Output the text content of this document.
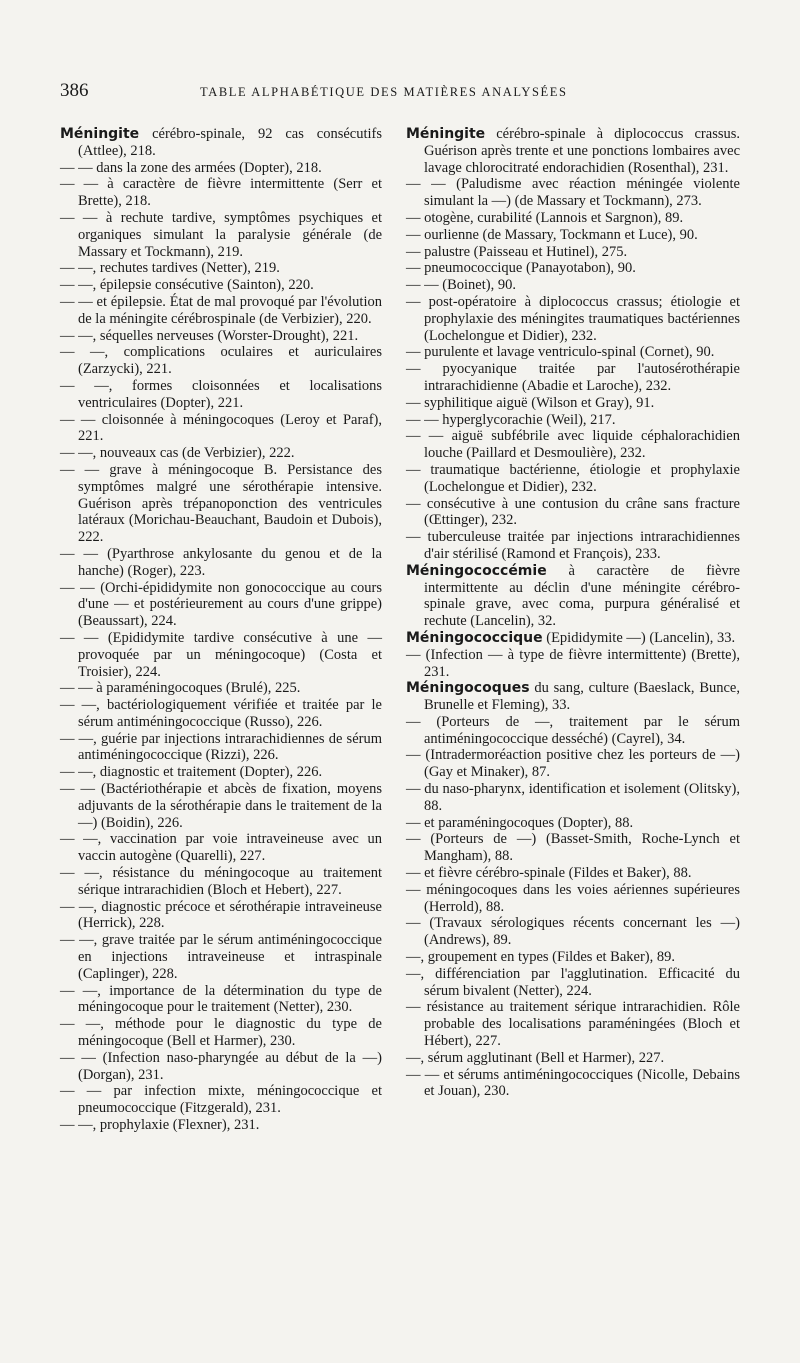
386	TABLE ALPHABÉTIQUE DES MATIÈRES ANALYSÉES

Méningite cérébro-spinale, 92 cas consécutifs (Attlee), 218.

— — dans la zone des armées (Dopter), 218.

— — à caractère de fièvre intermittente (Serr et Brette), 218.

— — à rechute tardive, symptômes psychiques et organiques simulant la paralysie générale (de Massary et Tockmann), 219.

— —, rechutes tardives (Netter), 219.

— —, épilepsie consécutive (Sainton), 220.

— — et épilepsie. État de mal provoqué par l'évolution de la méningite cérébrospinale (de Verbizier), 220.

— —, séquelles nerveuses (Worster-Drought), 221.

— —, complications oculaires et auriculaires (Zarzycki), 221.

— —, formes cloisonnées et localisations ventriculaires (Dopter), 221.

— — cloisonnée à méningocoques (Leroy et Paraf), 221.

— —, nouveaux cas (de Verbizier), 222.

— — grave à méningocoque B. Persistance des symptômes malgré une sérothérapie intensive. Guérison après trépanoponction des ventricules latéraux (Morichau-Beauchant, Baudoin et Dubois), 222.

— — (Pyarthrose ankylosante du genou et de la hanche) (Roger), 223.

— — (Orchi-épididymite non gonococcique au cours d'une — et postérieurement au cours d'une grippe) (Beaussart), 224.

— — (Epididymite tardive consécutive à une — provoquée par un méningocoque) (Costa et Troisier), 224.

— — à paraméningocoques (Brulé), 225.

— —, bactériologiquement vérifiée et traitée par le sérum antiméningococcique (Russo), 226.

— —, guérie par injections intrarachidiennes de sérum antiméningococcique (Rizzi), 226.

— —, diagnostic et traitement (Dopter), 226.

— — (Bactériothérapie et abcès de fixation, moyens adjuvants de la sérothérapie dans le traitement de la —) (Boidin), 226.

— —, vaccination par voie intraveineuse avec un vaccin autogène (Quarelli), 227.

— —, résistance du méningocoque au traitement sérique intrarachidien (Bloch et Hebert), 227.

— —, diagnostic précoce et sérothérapie intraveineuse (Herrick), 228.

— —, grave traitée par le sérum antiméningococcique en injections intraveineuse et intraspinale (Caplinger), 228.

— —, importance de la détermination du type de méningocoque pour le traitement (Netter), 230.

— —, méthode pour le diagnostic du type de méningocoque (Bell et Harmer), 230.

— — (Infection naso-pharyngée au début de la —) (Dorgan), 231.

— — par infection mixte, méningococcique et pneumococcique (Fitzgerald), 231.

— —, prophylaxie (Flexner), 231.

Méningite cérébro-spinale à diplococcus crassus. Guérison après trente et une ponctions lombaires avec lavage chlorocitraté endorachidien (Rosenthal), 231.

— — (Paludisme avec réaction méningée violente simulant la —) (de Massary et Tockmann), 273.

— otogène, curabilité (Lannois et Sargnon), 89.

— ourlienne (de Massary, Tockmann et Luce), 90.

— palustre (Paisseau et Hutinel), 275.

— pneumococcique (Panayotabon), 90.

— — (Boinet), 90.

— post-opératoire à diplococcus crassus; étiologie et prophylaxie des méningites traumatiques bactériennes (Lochelongue et Didier), 232.

— purulente et lavage ventriculo-spinal (Cornet), 90.

— pyocyanique traitée par l'autosérothérapie intrarachidienne (Abadie et Laroche), 232.

— syphilitique aiguë (Wilson et Gray), 91.

— — hyperglycorachie (Weil), 217.

— — aiguë subfébrile avec liquide céphalorachidien louche (Paillard et Desmoulière), 232.

— traumatique bactérienne, étiologie et prophylaxie (Lochelongue et Didier), 232.

— consécutive à une contusion du crâne sans fracture (Œttinger), 232.

— tuberculeuse traitée par injections intrarachidiennes d'air stérilisé (Ramond et François), 233.

Méningococcémie à caractère de fièvre intermittente au déclin d'une méningite cérébro-spinale grave, avec coma, purpura généralisé et rechute (Lancelin), 32.

Méningococcique (Epididymite —) (Lancelin), 33.

— (Infection — à type de fièvre intermittente) (Brette), 231.

Méningocoques du sang, culture (Baeslack, Bunce, Brunelle et Fleming), 33.

— (Porteurs de —, traitement par le sérum antiméningococcique desséché) (Cayrel), 34.

— (Intradermoréaction positive chez les porteurs de —) (Gay et Minaker), 87.

— du naso-pharynx, identification et isolement (Olitsky), 88.

— et paraméningocoques (Dopter), 88.

— (Porteurs de —) (Basset-Smith, Roche-Lynch et Mangham), 88.

— et fièvre cérébro-spinale (Fildes et Baker), 88.

— méningocoques dans les voies aériennes supérieures (Herrold), 88.

— (Travaux sérologiques récents concernant les —) (Andrews), 89.

—, groupement en types (Fildes et Baker), 89.

—, différenciation par l'agglutination. Efficacité du sérum bivalent (Netter), 224.

— résistance au traitement sérique intrarachidien. Rôle probable des localisations paraméningées (Bloch et Hébert), 227.

—, sérum agglutinant (Bell et Harmer), 227.

— — et sérums antiméningococciques (Nicolle, Debains et Jouan), 230.
